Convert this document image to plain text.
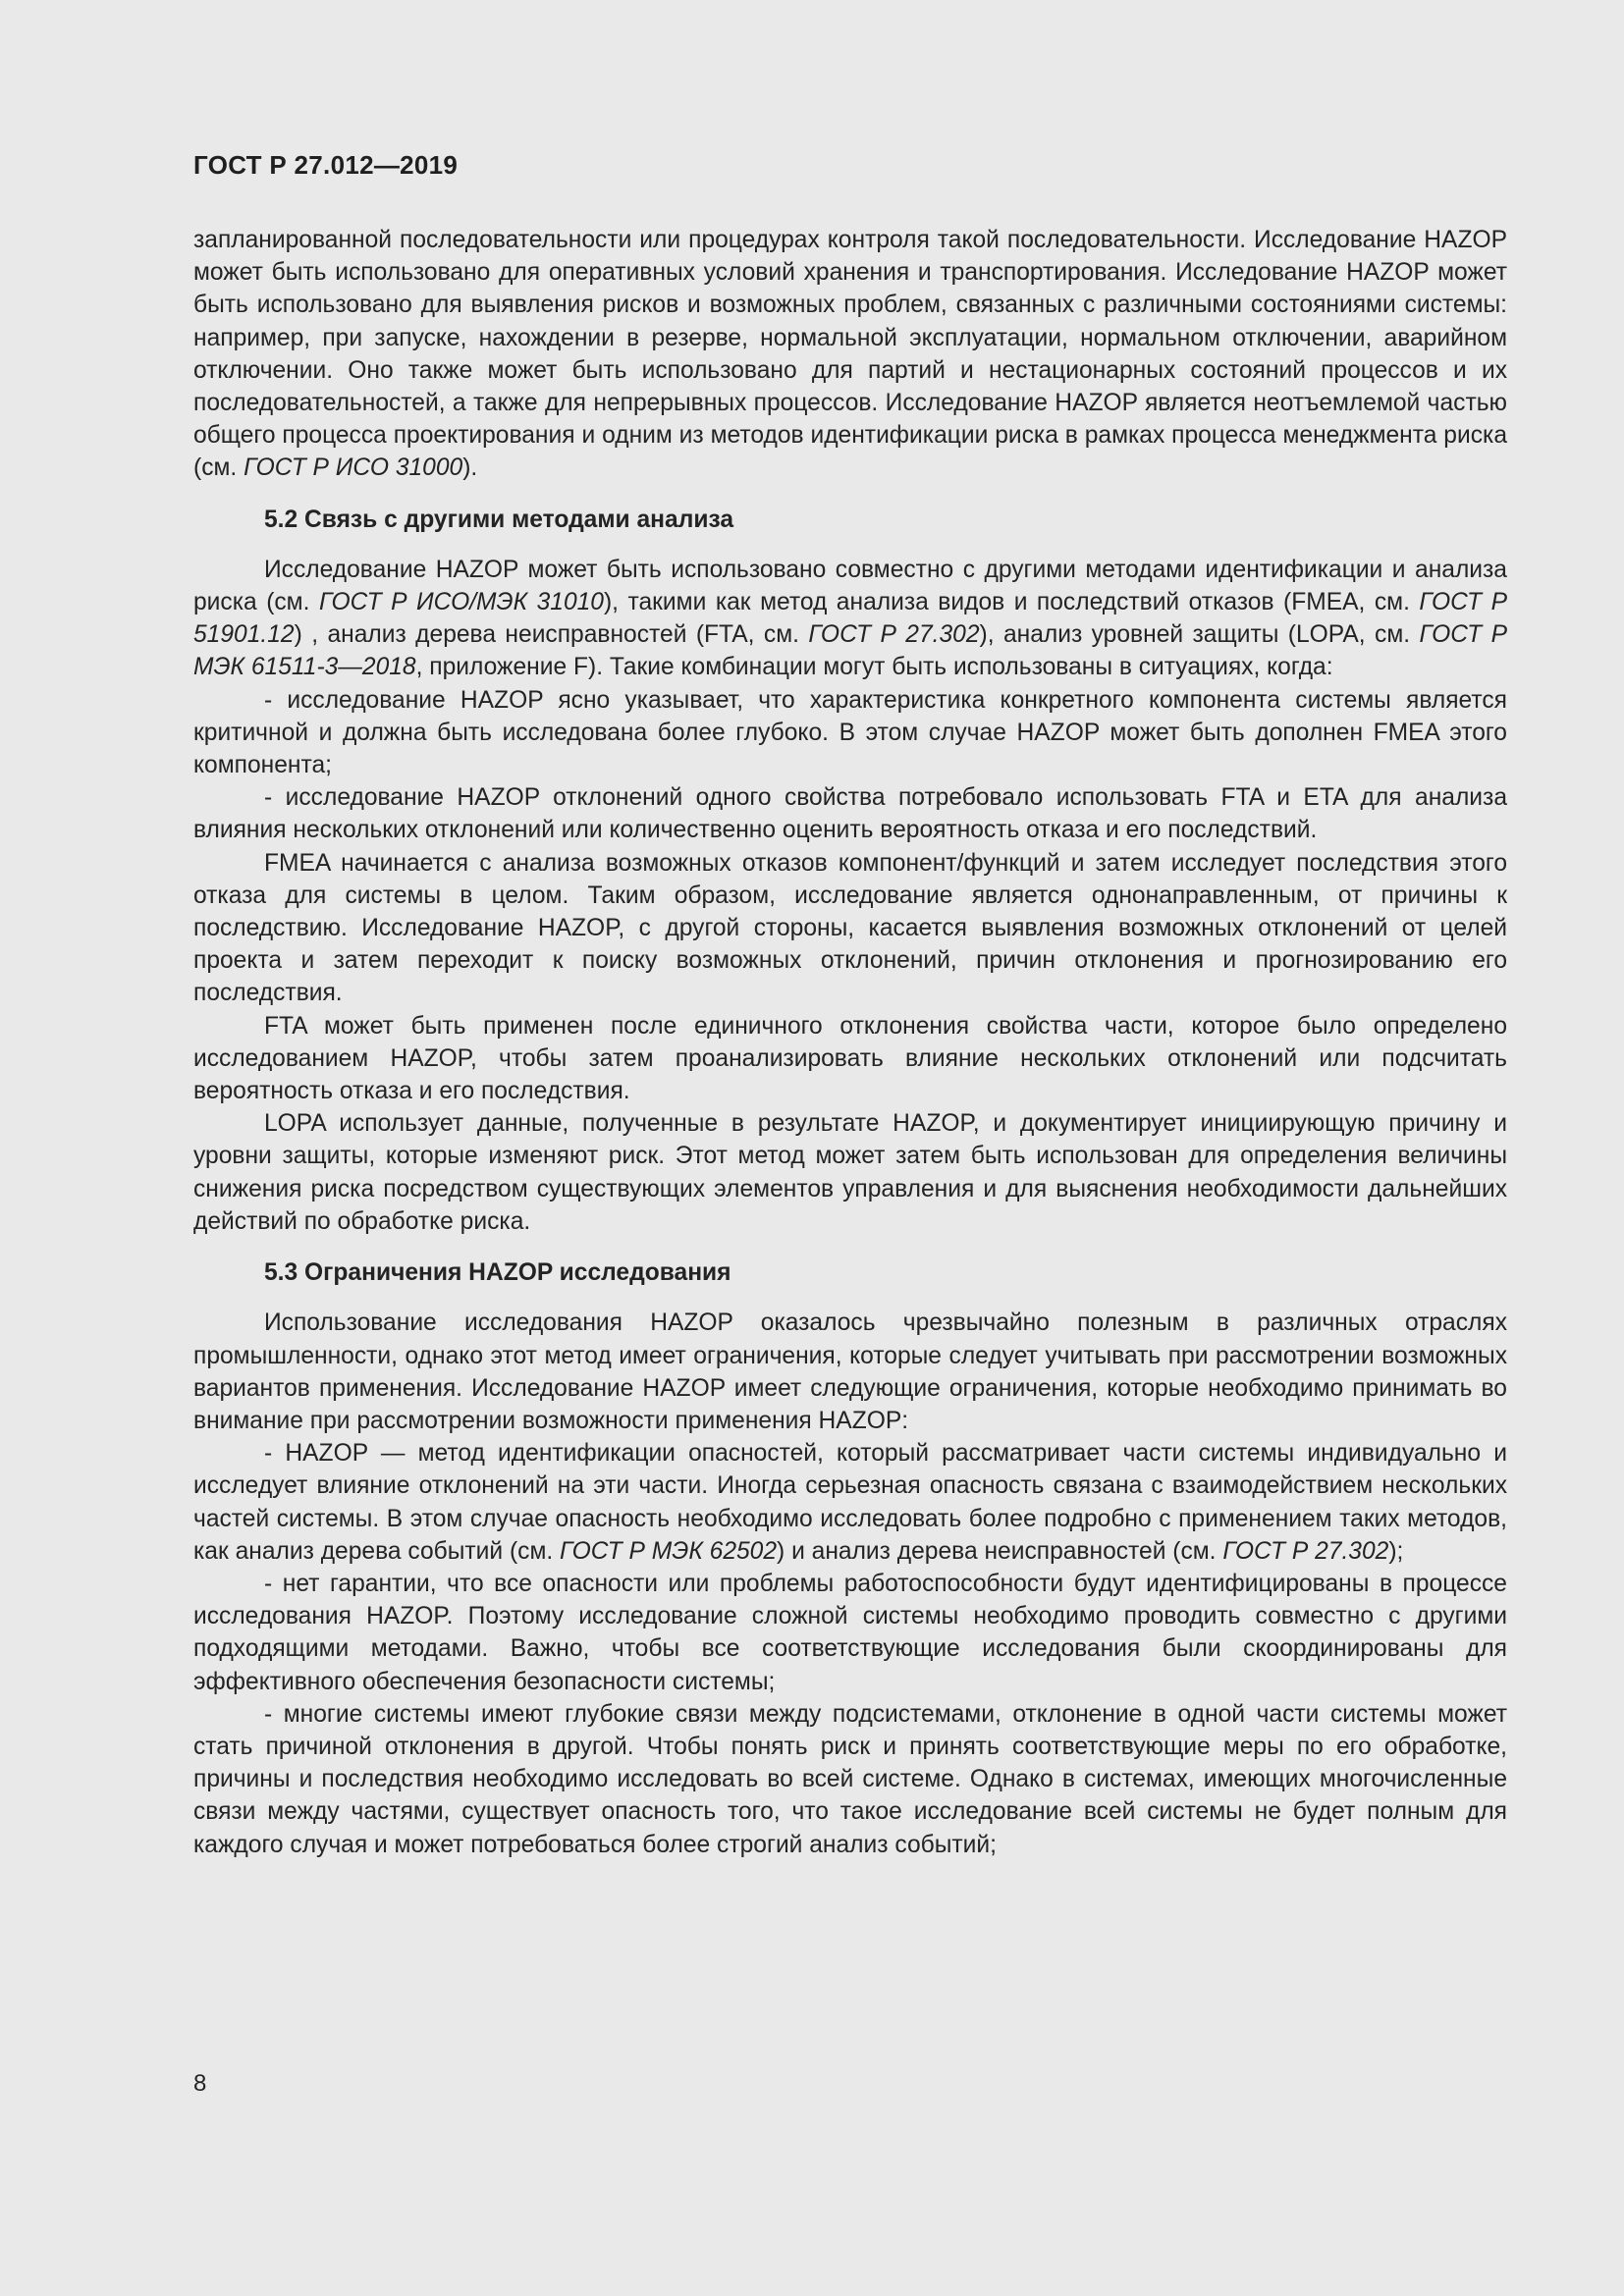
ГОСТ Р 27.012—2019

запланированной последовательности или процедурах контроля такой последовательности. Исследование HAZOP может быть использовано для оперативных условий хранения и транспортирования. Исследование HAZOP может быть использовано для выявления рисков и возможных проблем, связанных с различными состояниями системы: например, при запуске, нахождении в резерве, нормальной эксплуатации, нормальном отключении, аварийном отключении. Оно также может быть использовано для партий и нестационарных состояний процессов и их последовательностей, а также для непрерывных процессов. Исследование HAZOP является неотъемлемой частью общего процесса проектирования и одним из методов идентификации риска в рамках процесса менеджмента риска (см. ГОСТ Р ИСО 31000).

5.2 Связь с другими методами анализа

Исследование HAZOP может быть использовано совместно с другими методами идентификации и анализа риска (см. ГОСТ Р ИСО/МЭК 31010), такими как метод анализа видов и последствий отказов (FMEA, см. ГОСТ Р 51901.12) , анализ дерева неисправностей (FTA, см. ГОСТ Р 27.302), анализ уровней защиты (LOPA, см. ГОСТ Р МЭК 61511-3—2018, приложение F). Такие комбинации могут быть использованы в ситуациях, когда:

- исследование HAZOP ясно указывает, что характеристика конкретного компонента системы является критичной и должна быть исследована более глубоко. В этом случае HAZOP может быть дополнен FMEA этого компонента;

- исследование HAZOP отклонений одного свойства потребовало использовать FTA и ETA для анализа влияния нескольких отклонений или количественно оценить вероятность отказа и его последствий.

FMEA начинается с анализа возможных отказов компонент/функций и затем исследует последствия этого отказа для системы в целом. Таким образом, исследование является однонаправленным, от причины к последствию. Исследование HAZOP, с другой стороны, касается выявления возможных отклонений от целей проекта и затем переходит к поиску возможных отклонений, причин отклонения и прогнозированию его последствия.

FTA может быть применен после единичного отклонения свойства части, которое было определено исследованием HAZOP, чтобы затем проанализировать влияние нескольких отклонений или подсчитать вероятность отказа и его последствия.

LOPA использует данные, полученные в результате HAZOP, и документирует инициирующую причину и уровни защиты, которые изменяют риск. Этот метод может затем быть использован для определения величины снижения риска посредством существующих элементов управления и для выяснения необходимости дальнейших действий по обработке риска.

5.3 Ограничения HAZOP исследования

Использование исследования HAZOP оказалось чрезвычайно полезным в различных отраслях промышленности, однако этот метод имеет ограничения, которые следует учитывать при рассмотрении возможных вариантов применения. Исследование HAZOP имеет следующие ограничения, которые необходимо принимать во внимание при рассмотрении возможности применения HAZOP:

- HAZOP — метод идентификации опасностей, который рассматривает части системы индивидуально и исследует влияние отклонений на эти части. Иногда серьезная опасность связана с взаимодействием нескольких частей системы. В этом случае опасность необходимо исследовать более подробно с применением таких методов, как анализ дерева событий (см. ГОСТ Р МЭК 62502) и анализ дерева неисправностей (см. ГОСТ Р 27.302);

- нет гарантии, что все опасности или проблемы работоспособности будут идентифицированы в процессе исследования HAZOP. Поэтому исследование сложной системы необходимо проводить совместно с другими подходящими методами. Важно, чтобы все соответствующие исследования были скоординированы для эффективного обеспечения безопасности системы;

- многие системы имеют глубокие связи между подсистемами, отклонение в одной части системы может стать причиной отклонения в другой. Чтобы понять риск и принять соответствующие меры по его обработке, причины и последствия необходимо исследовать во всей системе. Однако в системах, имеющих многочисленные связи между частями, существует опасность того, что такое исследование всей системы не будет полным для каждого случая и может потребоваться более строгий анализ событий;

8
